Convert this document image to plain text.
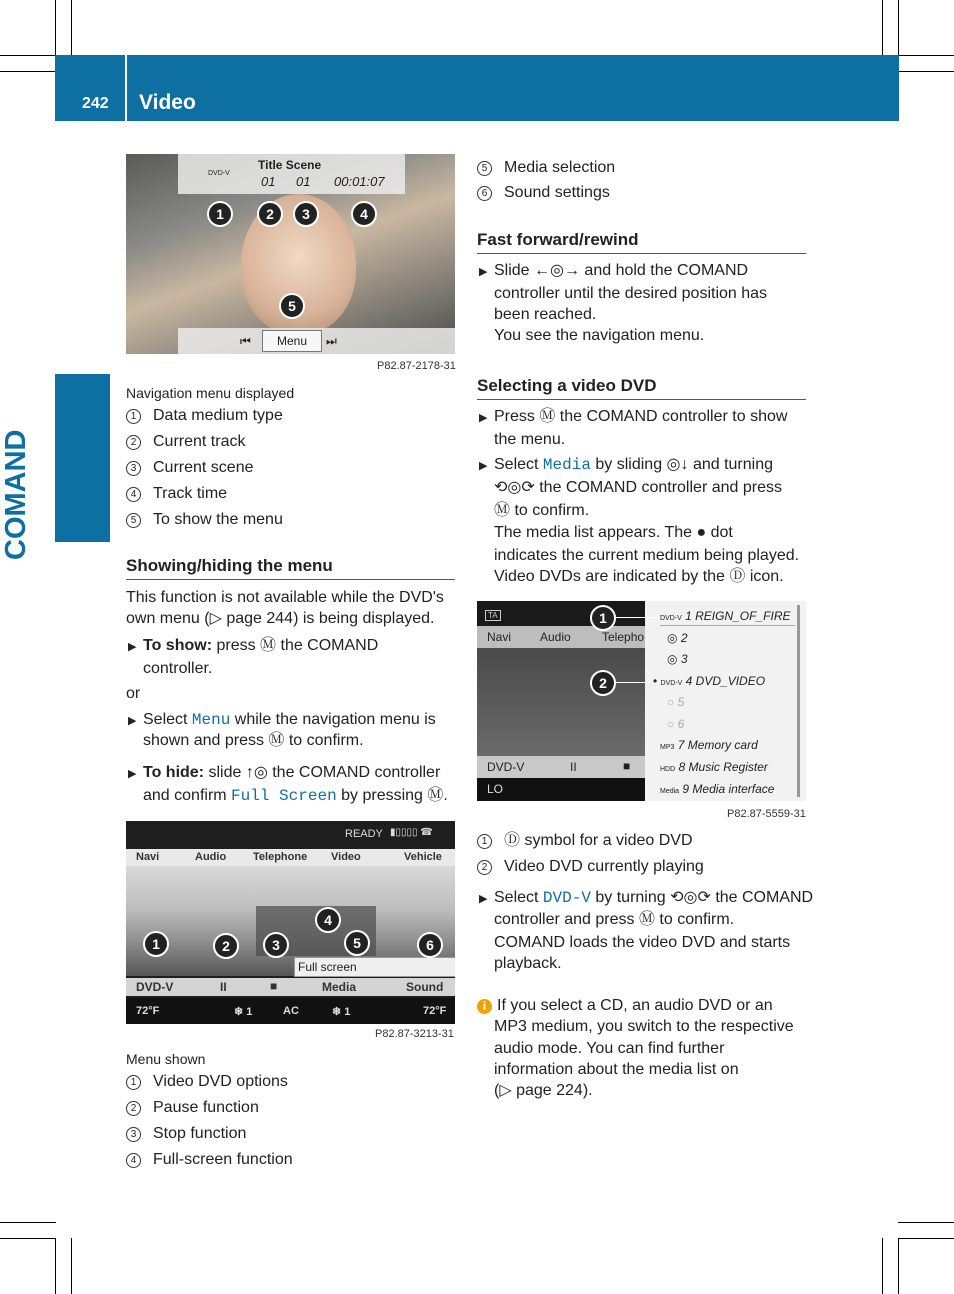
242 Video
COMAND
Title Scene
DVD-V
01 01 00:01:07
⏮	Menu	⏭
1	2	3	4
5
P82.87-2178-31
Navigation menu displayed
1 Data medium type
2 Current track
3 Current scene
4 Track time
5 To show the menu
Showing/hiding the menu
This function is not available while the DVD's
own menu (▷ page 244) is being displayed.
▶ To show: press Ⓜ the COMAND
controller.
or
▶ Select Menu while the navigation menu is
shown and press Ⓜ to confirm.
▶ To hide: slide ↑◎ the COMAND controller
and confirm Full Screen by pressing Ⓜ.
READY ▮▯▯▯▯ ☎
Navi	Audio Telephone Video	Vehicle
Full screen
DVD-V	II	■	Media	Sound
72°F	❄ 1	AC	❄ 1	72°F
1	2	3
4
5	6
P82.87-3213-31
Menu shown
1 Video DVD options
2 Pause function
3 Stop function
4 Full-screen function
5 Media selection
6 Sound settings
Fast forward/rewind
▶ Slide ←◎→ and hold the COMAND
controller until the desired position has
been reached.
You see the navigation menu.
Selecting a video DVD
▶ Press Ⓜ the COMAND controller to show
the menu.
▶ Select Media by sliding ◎↓ and turning
⟲◎⟳ the COMAND controller and press
Ⓜ to confirm.
The media list appears. The ● dot
indicates the current medium being played.
Video DVDs are indicated by the Ⓓ icon.
TA
Navi Audio	Telepho
DVD-V	II	■
LO
DVD-V 1 REIGN_OF_FIRE
◎ 2
◎ 3
• DVD-V 4 DVD_VIDEO
○ 5
○ 6
MP3 7 Memory card
HDD 8 Music Register
Media 9 Media interface
1
2
P82.87-5559-31
1 Ⓓ symbol for a video DVD
2 Video DVD currently playing
▶ Select DVD-V by turning ⟲◎⟳ the COMAND
controller and press Ⓜ to confirm.
COMAND loads the video DVD and starts
playback.
i If you select a CD, an audio DVD or an
MP3 medium, you switch to the respective
audio mode. You can find further
information about the media list on
(▷ page 224).
